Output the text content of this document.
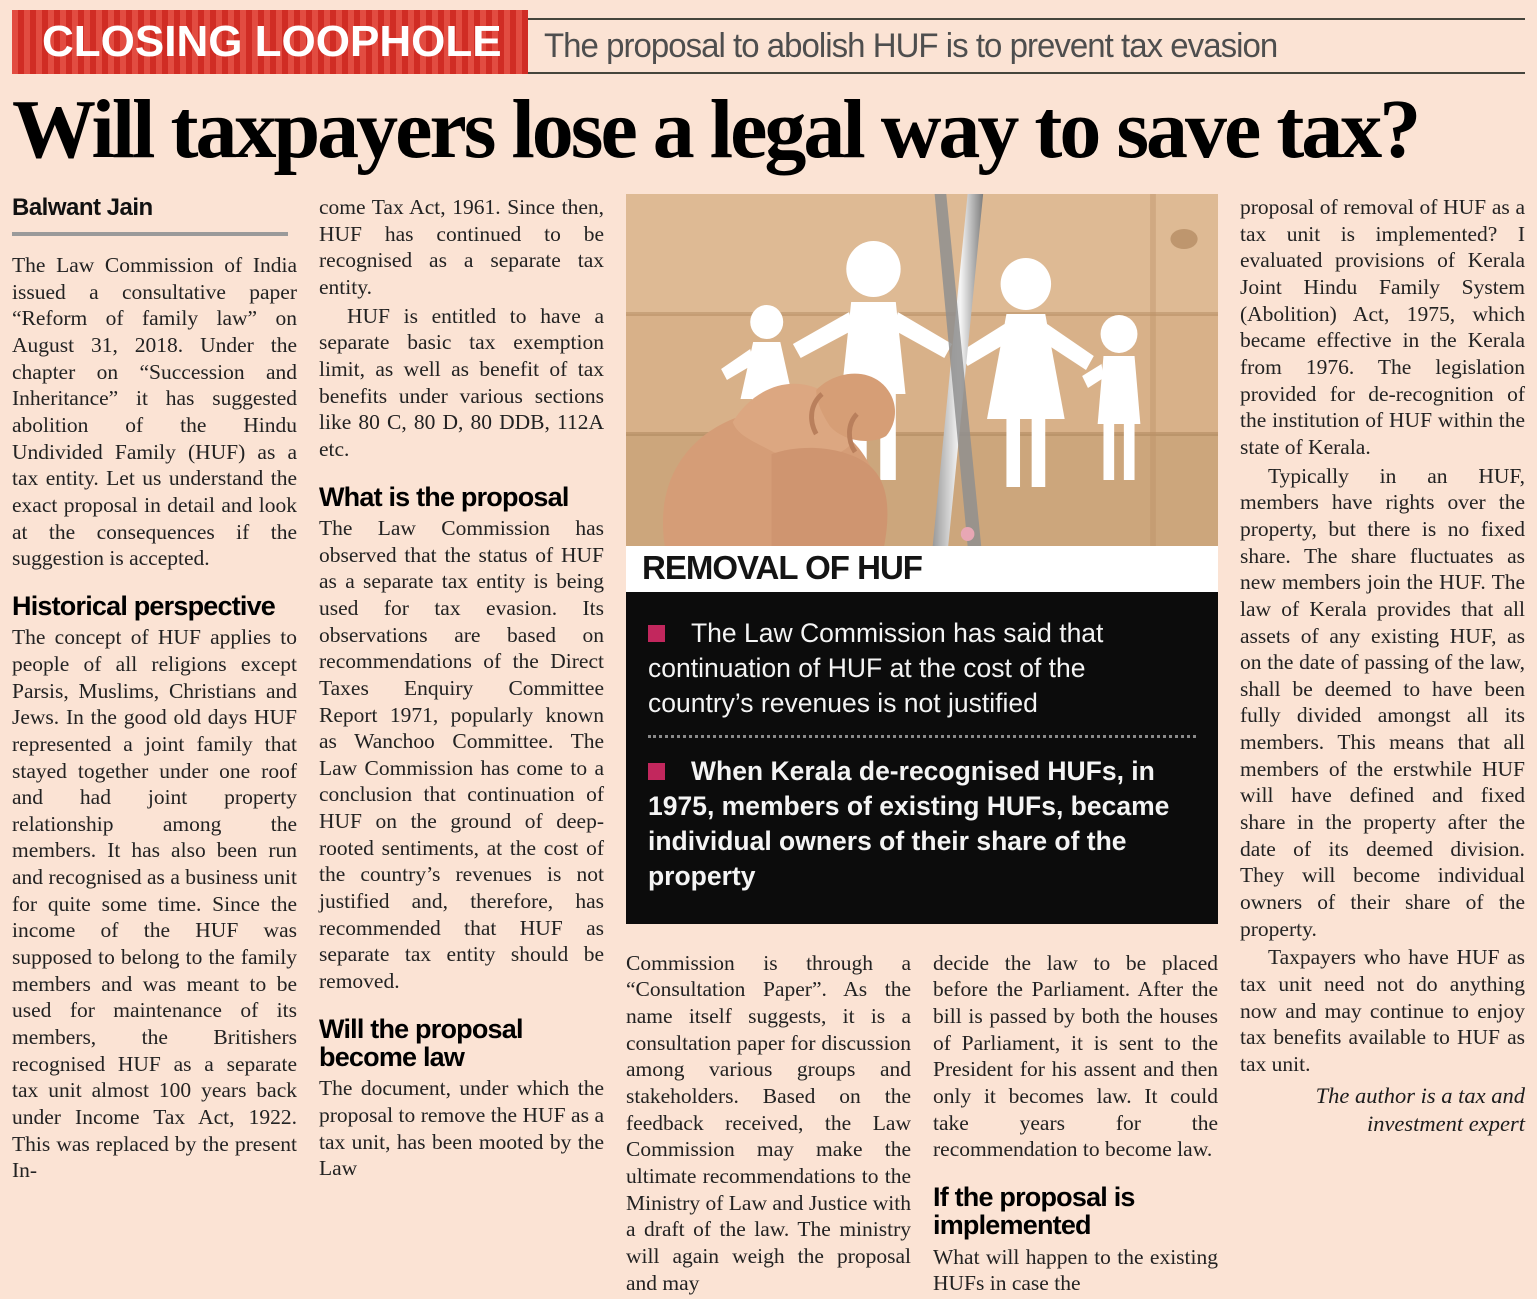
CLOSING LOOPHOLE	The proposal to abolish HUF is to prevent tax evasion
Will taxpayers lose a legal way to save tax?
Balwant Jain

The Law Commission of India issued a consultative paper “Reform of family law” on August 31, 2018. Under the chapter on “Succession and Inheritance” it has suggested abolition of the Hindu Undivided Family (HUF) as a tax entity. Let us understand the exact proposal in detail and look at the consequences if the suggestion is accepted.

Historical perspective

The concept of HUF applies to people of all religions except Parsis, Muslims, Christians and Jews. In the good old days HUF represented a joint family that stayed together under one roof and had joint property relationship among the members. It has also been run and recognised as a business unit for quite some time. Since the income of the HUF was supposed to belong to the family members and was meant to be used for maintenance of its members, the Britishers recognised HUF as a separate tax unit almost 100 years back under Income Tax Act, 1922. This was replaced by the present In-

come Tax Act, 1961. Since then, HUF has continued to be recognised as a separate tax entity.

HUF is entitled to have a separate basic tax exemption limit, as well as benefit of tax benefits under various sections like 80 C, 80 D, 80 DDB, 112A etc.

What is the proposal

The Law Commission has observed that the status of HUF as a separate tax entity is being used for tax evasion. Its observations are based on recommendations of the Direct Taxes Enquiry Committee Report 1971, popularly known as Wanchoo Committee. The Law Commission has come to a conclusion that continuation of HUF on the ground of deep-rooted sentiments, at the cost of the country’s revenues is not justified and, therefore, has recommended that HUF as separate tax entity should be removed.

Will the proposal become law

The document, under which the proposal to remove the HUF as a tax unit, has been mooted by the Law

REMOVAL OF HUF

The Law Commission has said that continuation of HUF at the cost of the country’s revenues is not justified

When Kerala de-recognised HUFs, in 1975, members of existing HUFs, became individual owners of their share of the property

Commission is through a “Consultation Paper”. As the name itself suggests, it is a consultation paper for discussion among various groups and stakeholders. Based on the feedback received, the Law Commission may make the ultimate recommendations to the Ministry of Law and Justice with a draft of the law. The ministry will again weigh the proposal and may

decide the law to be placed before the Parliament. After the bill is passed by both the houses of Parliament, it is sent to the President for his assent and then only it becomes law. It could take years for the recommendation to become law.

If the proposal is implemented

What will happen to the existing HUFs in case the

proposal of removal of HUF as a tax unit is implemented? I evaluated provisions of Kerala Joint Hindu Family System (Abolition) Act, 1975, which became effective in the Kerala from 1976. The legislation provided for de-recognition of the institution of HUF within the state of Kerala.

Typically in an HUF, members have rights over the property, but there is no fixed share. The share fluctuates as new members join the HUF. The law of Kerala provides that all assets of any existing HUF, as on the date of passing of the law, shall be deemed to have been fully divided amongst all its members. This means that all members of the erstwhile HUF will have defined and fixed share in the property after the date of its deemed division. They will become individual owners of their share of the property.

Taxpayers who have HUF as tax unit need not do anything now and may continue to enjoy tax benefits available to HUF as tax unit.

The author is a tax and investment expert
